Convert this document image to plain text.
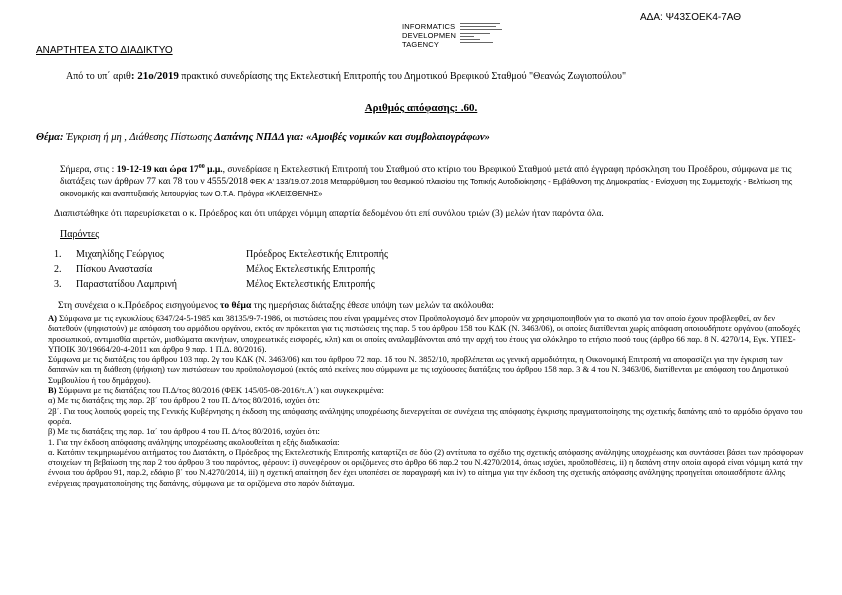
ΑΔΑ: Ψ43ΣΟΕΚ4-7ΑΘ
INFORMATICS
DEVELOPMEN
TAGENCY
ΑΝΑΡΤΗΤΕΑ ΣΤΟ ΔΙΑΔΙΚΤΥΟ
Από το υπ΄ αριθ: 21ο/2019 πρακτικό συνεδρίασης της Εκτελεστική Επιτροπής του Δημοτικού Βρεφικού Σταθμού "Θεανώς Ζωγιοπούλου"
Αριθμός απόφασης: .60.
Θέμα: Έγκριση ή μη , Διάθεσης Πίστωσης Δαπάνης ΝΠΔΔ για: «Αμοιβές νομικών και συμβολαιογράφων»
Σήμερα, στις : 19-12-19 και ώρα $17^{00}$ μ.μ., συνεδρίασε η Εκτελεστική Επιτροπή του Σταθμού στο κτίριο του Βρεφικού Σταθμού μετά από έγγραφη πρόσκληση του Προέδρου, σύμφωνα με τις διατάξεις των άρθρων 77 και 78 του ν 4555/2018 ΦΕΚ Α' 133/19.07.2018 Μεταρρύθμιση του θεσμικού πλαισίου της Τοπικής Αυτοδιοίκησης - Εμβάθυνση της Δημοκρατίας - Ενίσχυση της Συμμετοχής - Βελτίωση της οικονομικής και αναπτυξιακής λειτουργίας των Ο.Τ.Α. Πρόγρα «ΚΛΕΙΣΘΕΝΗΣ»
Διαπιστώθηκε ότι παρευρίσκεται ο κ. Πρόεδρος και ότι υπάρχει νόμιμη απαρτία δεδομένου ότι επί συνόλου τριών (3) μελών ήταν παρόντα όλα.
Παρόντες
1. Μιχαηλίδης Γεώργιος	Πρόεδρος Εκτελεστικής Επιτροπής
2. Πίσκου Αναστασία	Μέλος Εκτελεστικής Επιτροπής
3. Παραστατίδου Λαμπρινή	Μέλος Εκτελεστικής Επιτροπής
Στη συνέχεια ο κ.Πρόεδρος εισηγούμενος το θέμα της ημερήσιας διάταξης έθεσε υπόψη των μελών τα ακόλουθα:

Α) Σύμφωνα με τις εγκυκλίους 6347/24-5-1985 και 38135/9-7-1986, οι πιστώσεις που είναι γραμμένες στον Προϋπολογισμό δεν μπορούν να χρησιμοποιηθούν για το σκοπό για τον οποίο έχουν προβλεφθεί, αν δεν διατεθούν (ψηφιστούν) με απόφαση του αρμόδιου οργάνου, εκτός αν πρόκειται για τις πιστώσεις της παρ. 5 του άρθρου 158 του ΚΔΚ (Ν. 3463/06), οι οποίες διατίθενται χωρίς απόφαση οποιουδήποτε οργάνου (αποδοχές προσωπικού, αντιμισθία αιρετών, μισθώματα ακινήτων, υποχρεωτικές εισφορές, κλπ) και οι οποίες αναλαμβάνονται από την αρχή του έτους για ολόκληρο το ετήσιο ποσό τους (άρθρο 66 παρ. 8 Ν. 4270/14, Εγκ. ΥΠΕΣ-ΥΠΟΙΚ 30/19664/20-4-2011 και άρθρο 9 παρ. 1 Π.Δ. 80/2016).

Σύμφωνα με τις διατάξεις του άρθρου 103 παρ. 2γ του ΚΔΚ (Ν. 3463/06) και του άρθρου 72 παρ. 1δ του Ν. 3852/10, προβλέπεται ως γενική αρμοδιότητα, η Οικονομική Επιτροπή να αποφασίζει για την έγκριση των δαπανών και τη διάθεση (ψήφιση) των πιστώσεων του προϋπολογισμού (εκτός από εκείνες που σύμφωνα με τις ισχύουσες διατάξεις του άρθρου 158 παρ. 3 & 4 του Ν. 3463/06, διατίθενται με απόφαση του Δημοτικού Συμβουλίου ή του δημάρχου).

Β) Σύμφωνα με τις διατάξεις του Π.Δ/τος 80/2016 (ΦΕΚ 145/05-08-2016/τ.Α΄) και συγκεκριμένα:

α) Με τις διατάξεις της παρ. 2β΄ του άρθρου 2 του Π. Δ/τος 80/2016, ισχύει ότι:

2β΄. Για τους λοιπούς φορείς της Γενικής Κυβέρνησης η έκδοση της απόφασης ανάληψης υποχρέωσης διενεργείται σε συνέχεια της απόφασης έγκρισης πραγματοποίησης της σχετικής δαπάνης από το αρμόδιο όργανο του φορέα.

β) Με τις διατάξεις της παρ. 1α΄ του άρθρου 4 του Π. Δ/τος 80/2016, ισχύει ότι:

1. Για την έκδοση απόφασης ανάληψης υποχρέωσης ακολουθείται η εξής διαδικασία:

α. Κατόπιν τεκμηριωμένου αιτήματος του Διατάκτη, ο Πρόεδρος της Εκτελεστικής Επιτροπής καταρτίζει σε δύο (2) αντίτυπα το σχέδιο της σχετικής απόφασης ανάληψης υποχρέωσης και συντάσσει βάσει των πρόσφορων στοιχείων τη βεβαίωση της παρ 2 του άρθρου 3 του παρόντος, φέρουν: i) συνεφέρουν οι οριζόμενες στο άρθρο 66 παρ.2 του Ν.4270/2014, όπως ισχύει, προϋποθέσεις, ii) η δαπάνη στην οποία αφορά είναι νόμιμη κατά την έννοια του άρθρου 91, παρ.2, εδάφιο β΄ του Ν.4270/2014, iii) η σχετική απαίτηση δεν έχει υποπέσει σε παραγραφή και iv) το αίτημα για την έκδοση της σχετικής απόφασης ανάληψης προηγείται οποιασδήποτε άλλης ενέργειας πραγματοποίησης της δαπάνης, σύμφωνα με τα οριζόμενα στο παρόν διάταγμα.
